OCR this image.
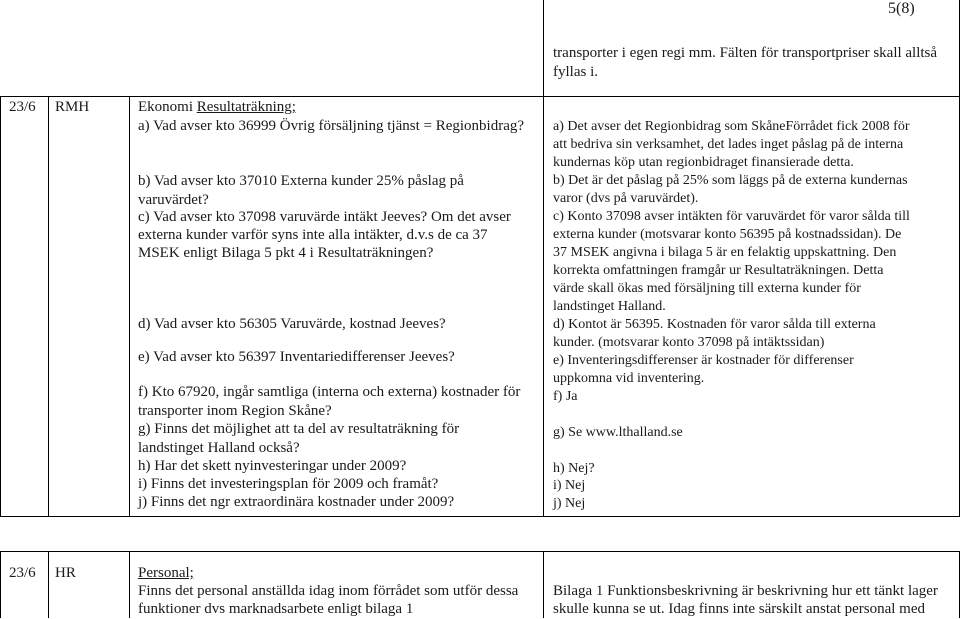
5(8)
transporter i egen regi mm. Fälten för transportpriser skall alltså
fyllas i.
23/6 RMH	Ekonomi Resultaträkning;
a) Vad avser kto 36999 Övrig försäljning tjänst = Regionbidrag?
b) Vad avser kto 37010 Externa kunder 25% påslag på
varuvärdet?
c) Vad avser kto 37098 varuvärde intäkt Jeeves? Om det avser
externa kunder varför syns inte alla intäkter, d.v.s de ca 37
MSEK enligt Bilaga 5 pkt 4 i Resultaträkningen?
d) Vad avser kto 56305 Varuvärde, kostnad Jeeves?
e) Vad avser kto 56397 Inventariedifferenser Jeeves?
f) Kto 67920, ingår samtliga (interna och externa) kostnader för
transporter inom Region Skåne?
g) Finns det möjlighet att ta del av resultaträkning för
landstinget Halland också?
h) Har det skett nyinvesteringar under 2009?
i) Finns det investeringsplan för 2009 och framåt?
j) Finns det ngr extraordinära kostnader under 2009?
a) Det avser det Regionbidrag som SkåneFörrådet fick 2008 för
att bedriva sin verksamhet, det lades inget påslag på de interna
kundernas köp utan regionbidraget finansierade detta.
b) Det är det påslag på 25% som läggs på de externa kundernas
varor (dvs på varuvärdet).
c) Konto 37098 avser intäkten för varuvärdet för varor sålda till
externa kunder (motsvarar konto 56395 på kostnadssidan). De
37 MSEK angivna i bilaga 5 är en felaktig uppskattning. Den
korrekta omfattningen framgår ur Resultaträkningen. Detta
värde skall ökas med försäljning till externa kunder för
landstinget Halland.
d) Kontot är 56395. Kostnaden för varor sålda till externa
kunder. (motsvarar konto 37098 på intäktssidan)
e) Inventeringsdifferenser är kostnader för differenser
uppkomna vid inventering.
f) Ja
g) Se www.lthalland.se
h) Nej?
i) Nej
j) Nej
23/6 HR	Personal;
Finns det personal anställda idag inom förrådet som utför dessa
funktioner dvs marknadsarbete enligt bilaga 1
Bilaga 1 Funktionsbeskrivning är beskrivning hur ett tänkt lager
skulle kunna se ut. Idag finns inte särskilt anstat personal med
